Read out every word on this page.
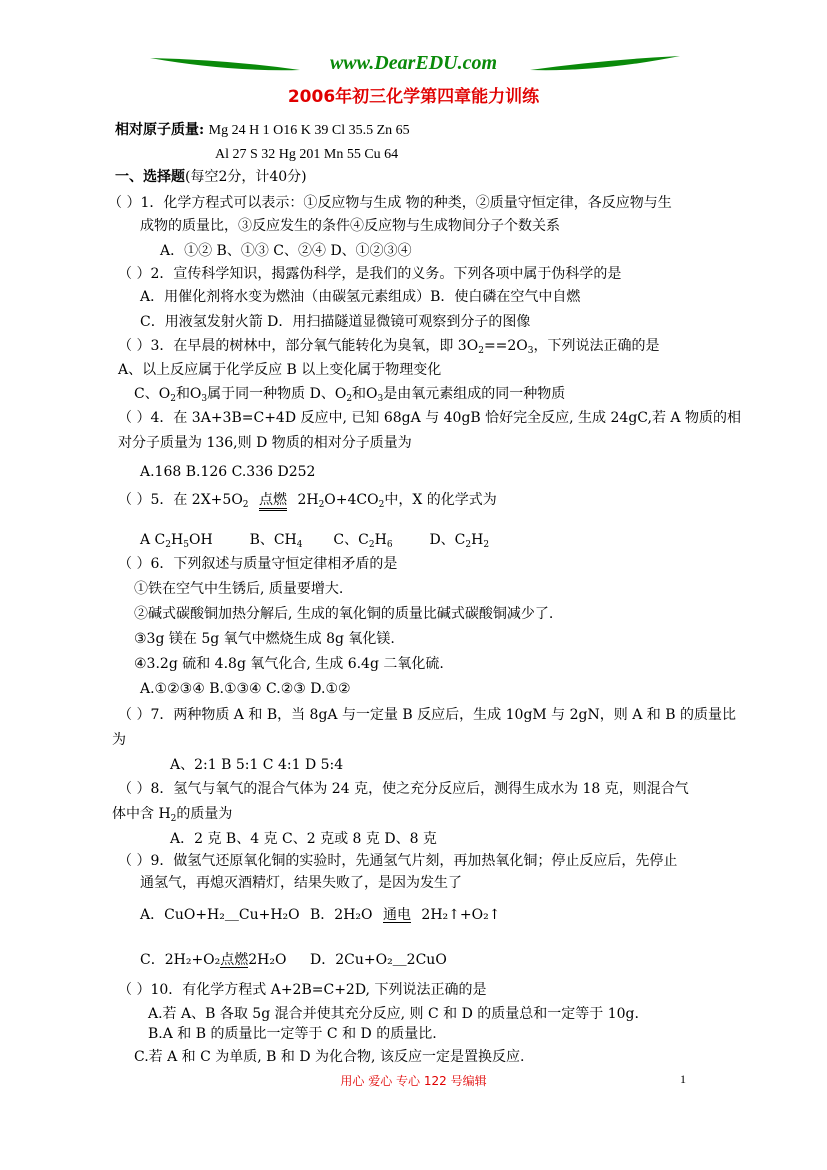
www.DearEDU.com
2006年初三化学第四章能力训练
相对原子质量: Mg 24 H 1 O16 K 39 Cl 35.5 Zn 65
Al 27 S 32 Hg 201 Mn 55 Cu 64
一、选择题(每空2分，计40分)
（ ）1．化学方程式可以表示：①反应物与生成 物的种类，②质量守恒定律，各反应物与生
成物的质量比，③反应发生的条件④反应物与生成物间分子个数关系
A．①② B、①③ C、②④ D、①②③④
（ ）2．宣传科学知识，揭露伪科学，是我们的义务。下列各项中属于伪科学的是
A．用催化剂将水变为燃油（由碳氢元素组成）B．使白磷在空气中自燃
C．用液氢发射火箭 D．用扫描隧道显微镜可观察到分子的图像
（ ）3．在早晨的树林中，部分氧气能转化为臭氧，即 $3O_2==2O_3$，下列说法正确的是
A、以上反应属于化学反应 B 以上变化属于物理变化
C、$O_2$和$O_3$属于同一种物质 D、$O_2$和$O_3$是由氧元素组成的同一种物质
（ ）4．在 3A+3B=C+4D 反应中, 已知 68gA 与 40gB 恰好完全反应, 生成 24gC,若 A 物质的相
对分子质量为 136,则 D 物质的相对分子质量为
A.168 B.126 C.336 D252
（ ）5．在 $2X+5O_2$ 点燃 $2H_2O+4CO_2$中，X 的化学式为
A $C_2H_5OH$	B、$CH_4$ C、$C_2H_6$	D、$C_2H_2$
（ ）6．下列叙述与质量守恒定律相矛盾的是
①铁在空气中生锈后, 质量要增大.
②碱式碳酸铜加热分解后, 生成的氧化铜的质量比碱式碳酸铜减少了.
③3g 镁在 5g 氧气中燃烧生成 8g 氧化镁.
④3.2g 硫和 4.8g 氧气化合, 生成 6.4g 二氧化硫.
A.①②③④ B.①③④ C.②③ D.①②
（ ）7．两种物质 A 和 B，当 8gA 与一定量 B 反应后，生成 10gM 与 2gN，则 A 和 B 的质量比
为
A、2:1 B 5:1 C 4:1 D 5:4
（ ）8．氢气与氧气的混合气体为 24 克，使之充分反应后，测得生成水为 18 克，则混合气
体中含 $H_2$的质量为
A．2 克 B、4 克 C、2 克或 8 克 D、8 克
（ ）9．做氢气还原氧化铜的实验时，先通氢气片刻，再加热氧化铜；停止反应后，先停止
通氢气，再熄灭酒精灯，结果失败了，是因为发生了
A．CuO+H₂＿Cu+H₂O B．2H₂O 通电 2H₂↑+O₂↑
C．2H₂+O₂点燃2H₂O D．2Cu+O₂＿2CuO
（ ）10．有化学方程式 A+2B=C+2D, 下列说法正确的是
A.若 A、B 各取 5g 混合并使其充分反应, 则 C 和 D 的质量总和一定等于 10g.
B.A 和 B 的质量比一定等于 C 和 D 的质量比.
C.若 A 和 C 为单质, B 和 D 为化合物, 该反应一定是置换反应.
用心 爱心 专心 122 号编辑	1
